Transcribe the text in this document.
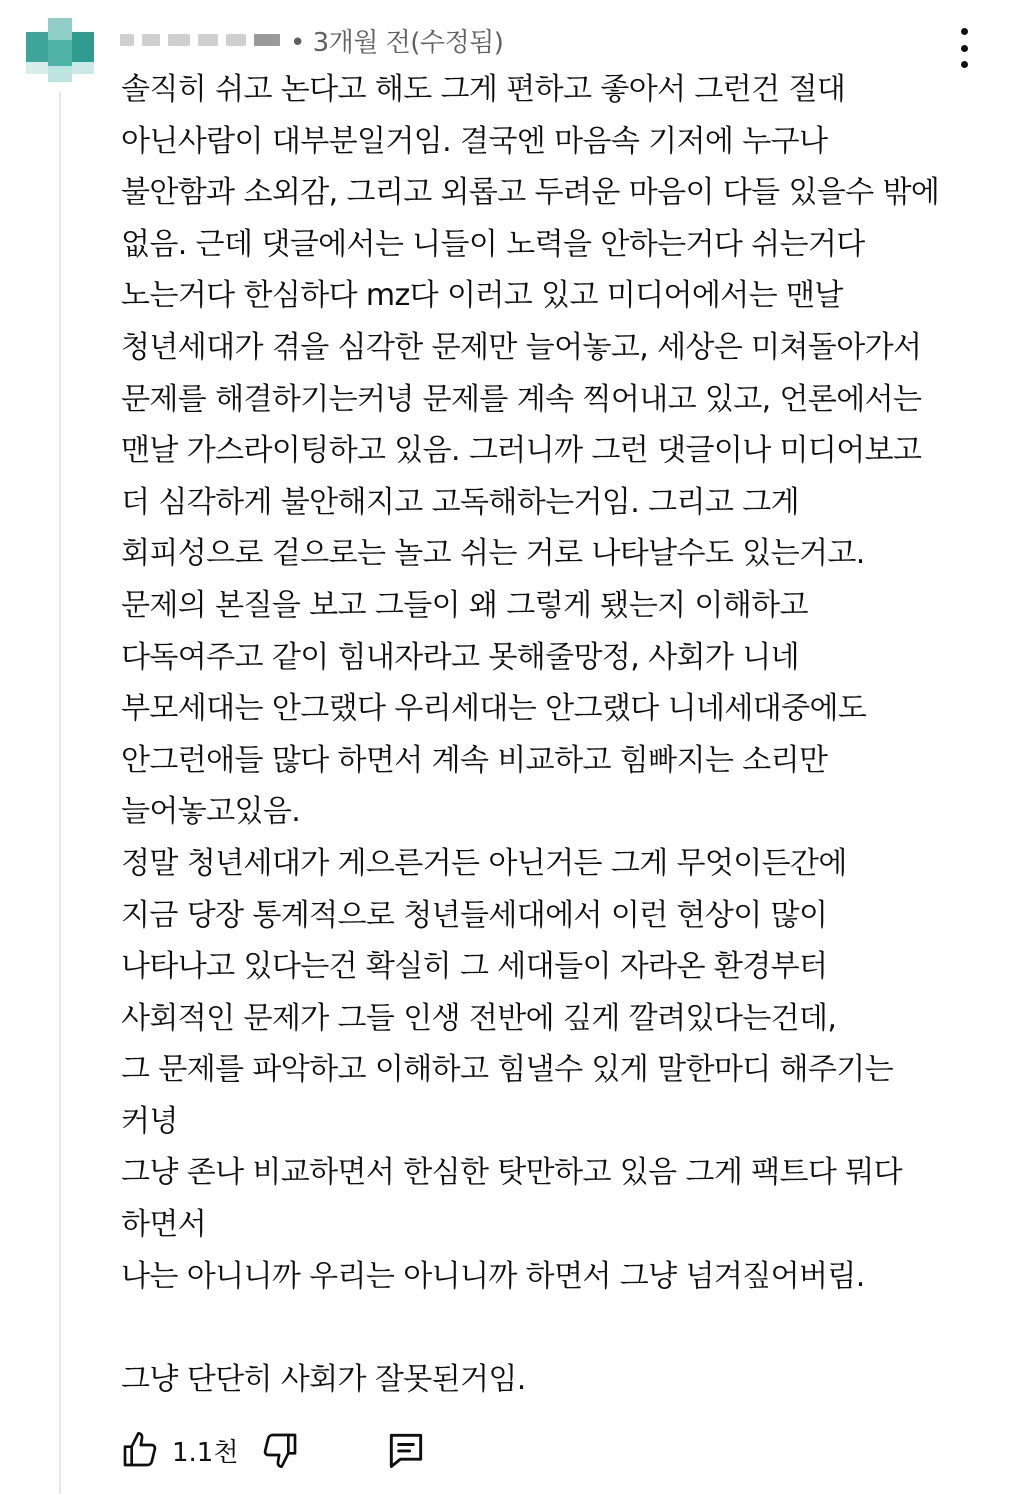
• 3개월 전(수정됨)
솔직히 쉬고 논다고 해도 그게 편하고 좋아서 그런건 절대
아닌사람이 대부분일거임. 결국엔 마음속 기저에 누구나
불안함과 소외감, 그리고 외롭고 두려운 마음이 다들 있을수 밖에
없음. 근데 댓글에서는 니들이 노력을 안하는거다 쉬는거다
노는거다 한심하다 mz다 이러고 있고 미디어에서는 맨날
청년세대가 겪을 심각한 문제만 늘어놓고, 세상은 미쳐돌아가서
문제를 해결하기는커녕 문제를 계속 찍어내고 있고, 언론에서는
맨날 가스라이팅하고 있음. 그러니까 그런 댓글이나 미디어보고
더 심각하게 불안해지고 고독해하는거임. 그리고 그게
회피성으로 겉으로는 놀고 쉬는 거로 나타날수도 있는거고.
문제의 본질을 보고 그들이 왜 그렇게 됐는지 이해하고
다독여주고 같이 힘내자라고 못해줄망정, 사회가 니네
부모세대는 안그랬다 우리세대는 안그랬다 니네세대중에도
안그런애들 많다 하면서 계속 비교하고 힘빠지는 소리만
늘어놓고있음.
정말 청년세대가 게으른거든 아닌거든 그게 무엇이든간에
지금 당장 통계적으로 청년들세대에서 이런 현상이 많이
나타나고 있다는건 확실히 그 세대들이 자라온 환경부터
사회적인 문제가 그들 인생 전반에 깊게 깔려있다는건데,
그 문제를 파악하고 이해하고 힘낼수 있게 말한마디 해주기는
커녕
그냥 존나 비교하면서 한심한 탓만하고 있음 그게 팩트다 뭐다
하면서
나는 아니니까 우리는 아니니까 하면서 그냥 넘겨짚어버림.
그냥 단단히 사회가 잘못된거임.
1.1천
